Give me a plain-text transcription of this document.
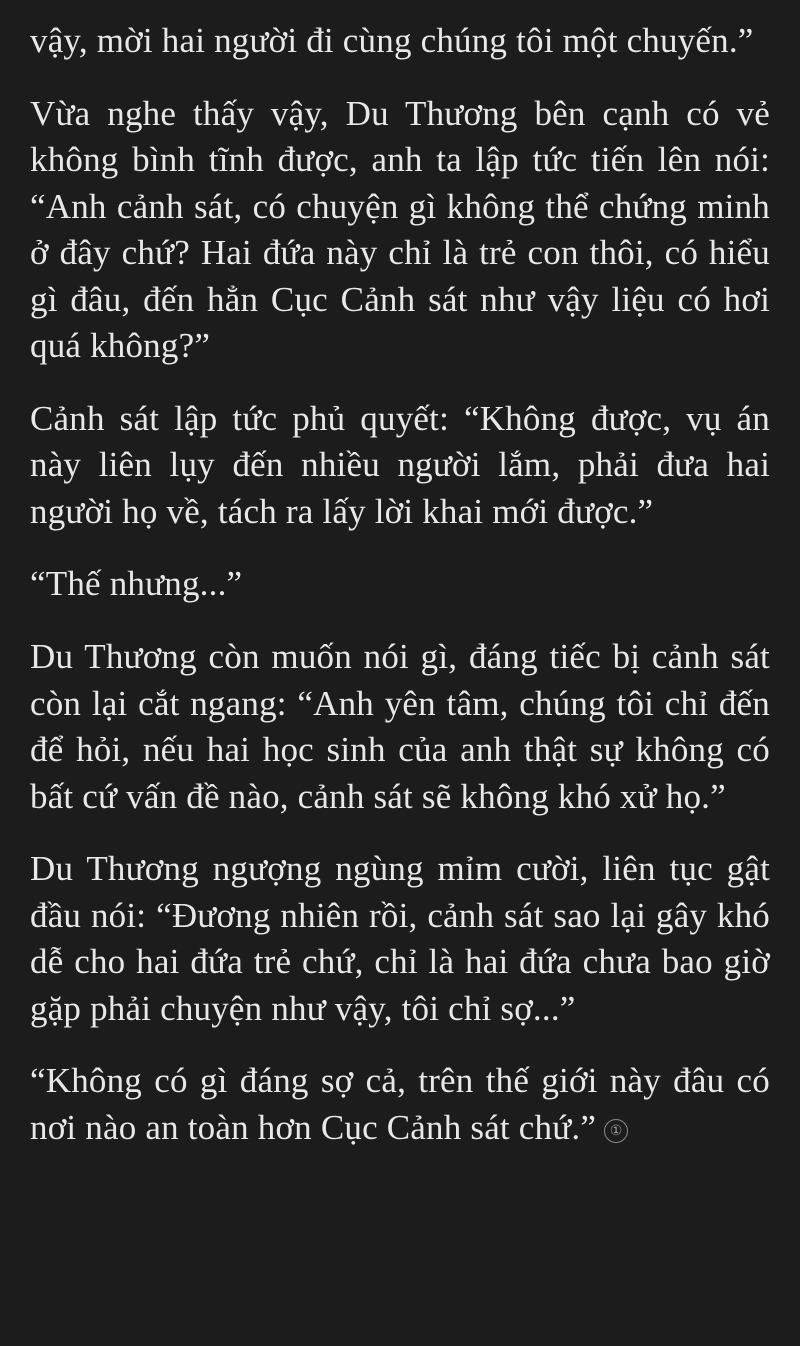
vậy, mời hai người đi cùng chúng tôi một chuyến.”

Vừa nghe thấy vậy, Du Thương bên cạnh có vẻ không bình tĩnh được, anh ta lập tức tiến lên nói: “Anh cảnh sát, có chuyện gì không thể chứng minh ở đây chứ? Hai đứa này chỉ là trẻ con thôi, có hiểu gì đâu, đến hẳn Cục Cảnh sát như vậy liệu có hơi quá không?”

Cảnh sát lập tức phủ quyết: “Không được, vụ án này liên lụy đến nhiều người lắm, phải đưa hai người họ về, tách ra lấy lời khai mới được.”

“Thế nhưng...”

Du Thương còn muốn nói gì, đáng tiếc bị cảnh sát còn lại cắt ngang: “Anh yên tâm, chúng tôi chỉ đến để hỏi, nếu hai học sinh của anh thật sự không có bất cứ vấn đề nào, cảnh sát sẽ không khó xử họ.”

Du Thương ngượng ngùng mỉm cười, liên tục gật đầu nói: “Đương nhiên rồi, cảnh sát sao lại gây khó dễ cho hai đứa trẻ chứ, chỉ là hai đứa chưa bao giờ gặp phải chuyện như vậy, tôi chỉ sợ...”

“Không có gì đáng sợ cả, trên thế giới này đâu có nơi nào an toàn hơn Cục Cảnh sát chứ.” ①
